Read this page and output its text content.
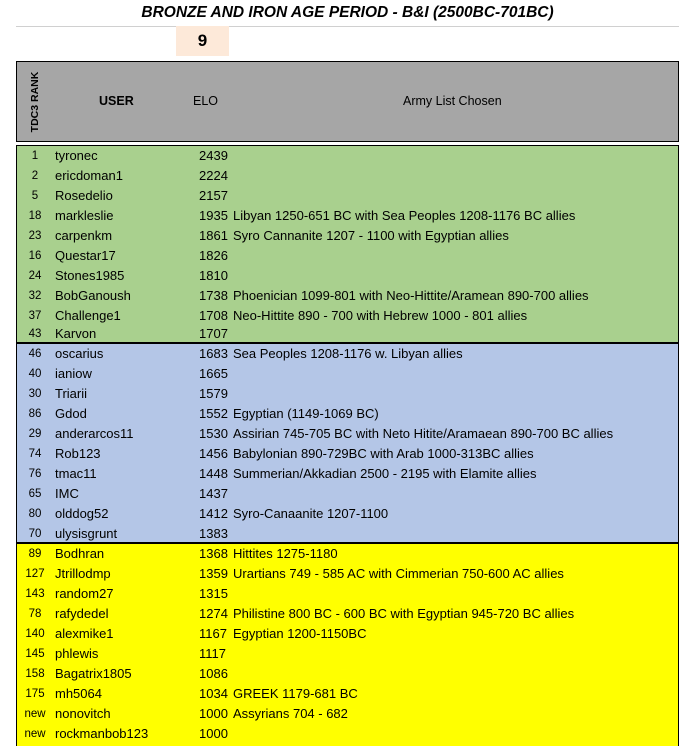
BRONZE AND IRON AGE PERIOD - B&I (2500BC-701BC)
9
TDC3 RANK	USER	ELO	Army List Chosen
1	tyronec	2439
2	ericdoman1	2224
5	Rosedelio	2157
18	markleslie	1935 Libyan 1250-651 BC with Sea Peoples 1208-1176 BC allies
23	carpenkm	1861 Syro Cannanite 1207 - 1100 with Egyptian allies
16	Questar17	1826
24	Stones1985	1810
32	BobGanoush	1738 Phoenician 1099-801 with Neo-Hittite/Aramean 890-700 allies
37	Challenge1	1708 Neo-Hittite 890 - 700 with Hebrew 1000 - 801 allies
43	Karvon	1707
46	oscarius	1683 Sea Peoples 1208-1176 w. Libyan allies
40	ianiow	1665
30	Triarii	1579
86	Gdod	1552 Egyptian (1149-1069 BC)
29	anderarcos11	1530 Assirian 745-705 BC with Neto Hitite/Aramaean 890-700 BC allies
74	Rob123	1456 Babylonian 890-729BC with Arab 1000-313BC allies
76	tmac11	1448 Summerian/Akkadian 2500 - 2195 with Elamite allies
65	IMC	1437
80	olddog52	1412 Syro-Canaanite 1207-1100
70	ulysisgrunt	1383
89	Bodhran	1368 Hittites 1275-1180
127 Jtrillodmp	1359 Urartians 749 - 585 AC with Cimmerian 750-600 AC allies
143 random27	1315
78	rafydedel	1274 Philistine 800 BC - 600 BC with Egyptian 945-720 BC allies
140 alexmike1	1167 Egyptian 1200-1150BC
145 phlewis	1117
158 Bagatrix1805	1086
175 mh5064	1034 GREEK 1179-681 BC
new nonovitch	1000 Assyrians 704 - 682
new rockmanbob123	1000
